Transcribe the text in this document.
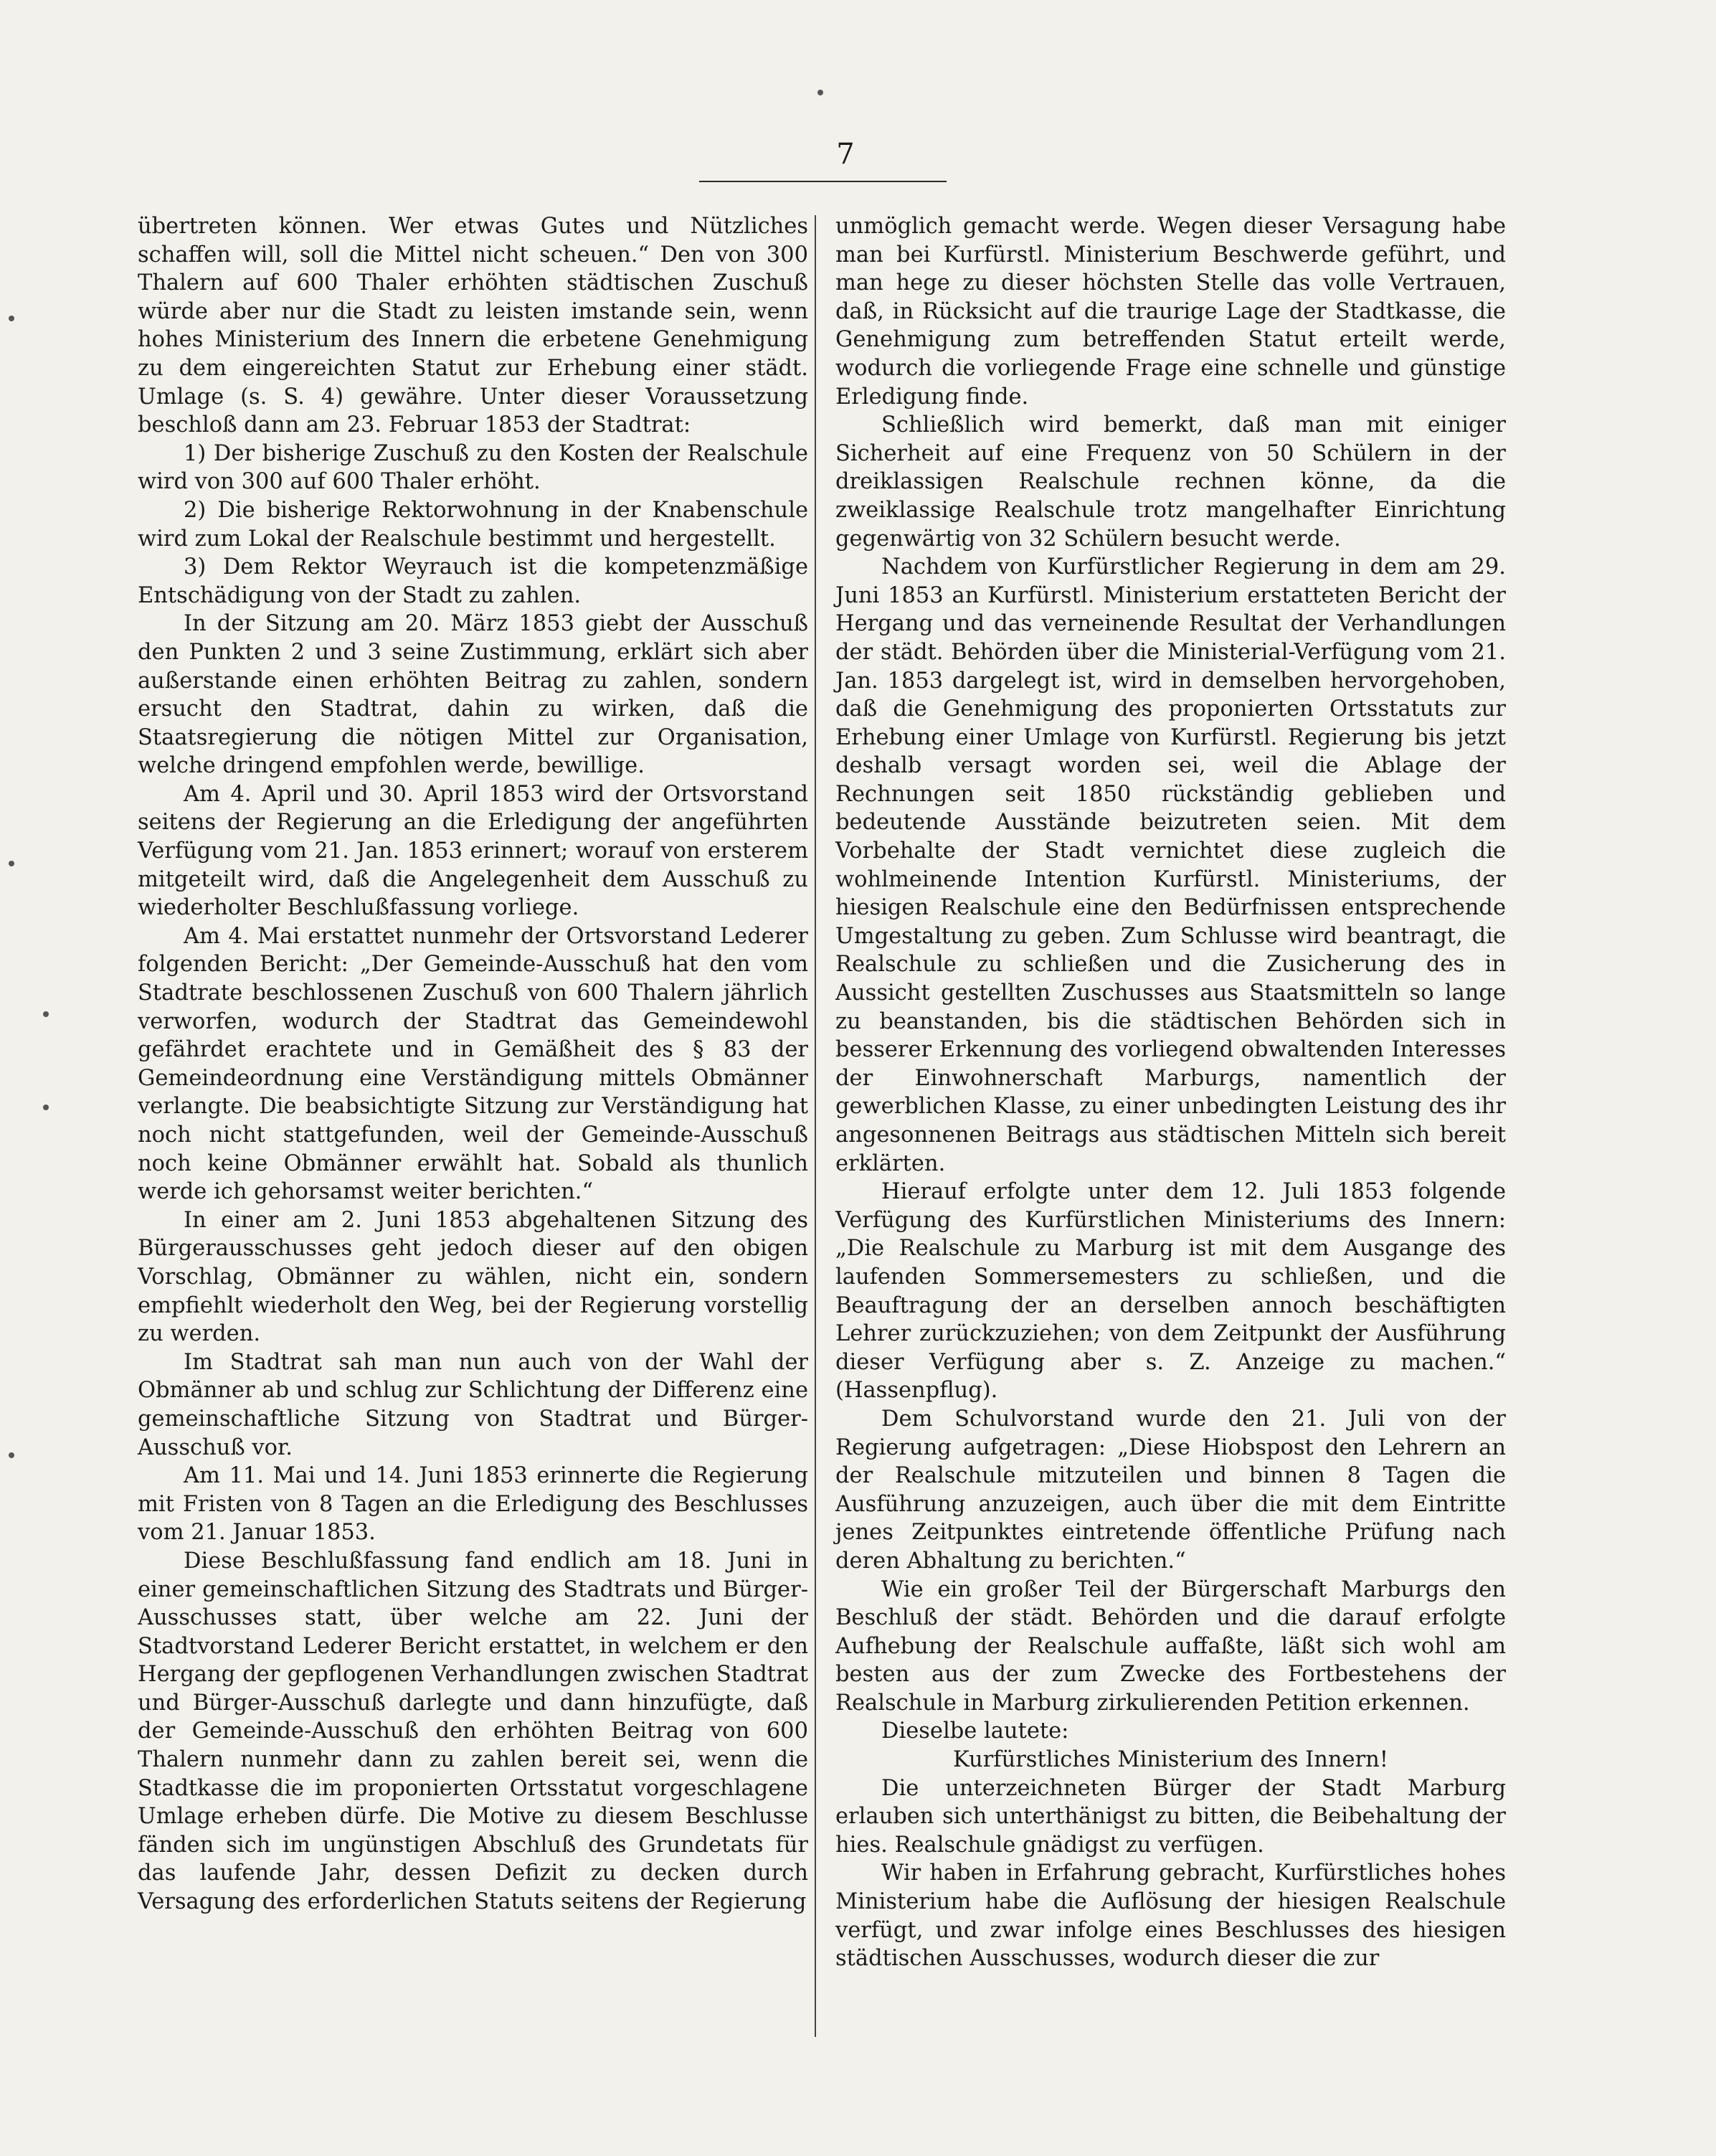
7

übertreten können. Wer etwas Gutes und Nützliches schaffen will, soll die Mittel nicht scheuen.“ Den von 300 Thalern auf 600 Thaler erhöhten städtischen Zuschuß würde aber nur die Stadt zu leisten imstande sein, wenn hohes Ministerium des Innern die erbetene Genehmigung zu dem eingereichten Statut zur Erhebung einer städt. Umlage (s. S. 4) gewähre. Unter dieser Voraussetzung beschloß dann am 23. Februar 1853 der Stadtrat:

1) Der bisherige Zuschuß zu den Kosten der Realschule wird von 300 auf 600 Thaler erhöht.

2) Die bisherige Rektorwohnung in der Knabenschule wird zum Lokal der Realschule bestimmt und hergestellt.

3) Dem Rektor Weyrauch ist die kompetenzmäßige Entschädigung von der Stadt zu zahlen.

In der Sitzung am 20. März 1853 giebt der Ausschuß den Punkten 2 und 3 seine Zustimmung, erklärt sich aber außerstande einen erhöhten Beitrag zu zahlen, sondern ersucht den Stadtrat, dahin zu wirken, daß die Staatsregierung die nötigen Mittel zur Organisation, welche dringend empfohlen werde, bewillige.

Am 4. April und 30. April 1853 wird der Ortsvorstand seitens der Regierung an die Erledigung der angeführten Verfügung vom 21. Jan. 1853 erinnert; worauf von ersterem mitgeteilt wird, daß die Angelegenheit dem Ausschuß zu wiederholter Beschlußfassung vorliege.

Am 4. Mai erstattet nunmehr der Ortsvorstand Lederer folgenden Bericht: „Der Gemeinde-Ausschuß hat den vom Stadtrate beschlossenen Zuschuß von 600 Thalern jährlich verworfen, wodurch der Stadtrat das Gemeindewohl gefährdet erachtete und in Gemäßheit des § 83 der Gemeindeordnung eine Verständigung mittels Obmänner verlangte. Die beabsichtigte Sitzung zur Verständigung hat noch nicht stattgefunden, weil der Gemeinde-Ausschuß noch keine Obmänner erwählt hat. Sobald als thunlich werde ich gehorsamst weiter berichten.“

In einer am 2. Juni 1853 abgehaltenen Sitzung des Bürgerausschusses geht jedoch dieser auf den obigen Vorschlag, Obmänner zu wählen, nicht ein, sondern empfiehlt wiederholt den Weg, bei der Regierung vorstellig zu werden.

Im Stadtrat sah man nun auch von der Wahl der Obmänner ab und schlug zur Schlichtung der Differenz eine gemeinschaftliche Sitzung von Stadtrat und Bürger-Ausschuß vor.

Am 11. Mai und 14. Juni 1853 erinnerte die Regierung mit Fristen von 8 Tagen an die Erledigung des Beschlusses vom 21. Januar 1853.

Diese Beschlußfassung fand endlich am 18. Juni in einer gemeinschaftlichen Sitzung des Stadtrats und Bürger-Ausschusses statt, über welche am 22. Juni der Stadtvorstand Lederer Bericht erstattet, in welchem er den Hergang der gepflogenen Verhandlungen zwischen Stadtrat und Bürger-Ausschuß darlegte und dann hinzufügte, daß der Gemeinde-Ausschuß den erhöhten Beitrag von 600 Thalern nunmehr dann zu zahlen bereit sei, wenn die Stadtkasse die im proponierten Ortsstatut vorgeschlagene Umlage erheben dürfe. Die Motive zu diesem Beschlusse fänden sich im ungünstigen Abschluß des Grundetats für das laufende Jahr, dessen Defizit zu decken durch Versagung des erforderlichen Statuts seitens der Regierung

unmöglich gemacht werde. Wegen dieser Versagung habe man bei Kurfürstl. Ministerium Beschwerde geführt, und man hege zu dieser höchsten Stelle das volle Vertrauen, daß, in Rücksicht auf die traurige Lage der Stadtkasse, die Genehmigung zum betreffenden Statut erteilt werde, wodurch die vorliegende Frage eine schnelle und günstige Erledigung finde.

Schließlich wird bemerkt, daß man mit einiger Sicherheit auf eine Frequenz von 50 Schülern in der dreiklassigen Realschule rechnen könne, da die zweiklassige Realschule trotz mangelhafter Einrichtung gegenwärtig von 32 Schülern besucht werde.

Nachdem von Kurfürstlicher Regierung in dem am 29. Juni 1853 an Kurfürstl. Ministerium erstatteten Bericht der Hergang und das verneinende Resultat der Verhandlungen der städt. Behörden über die Ministerial-Verfügung vom 21. Jan. 1853 dargelegt ist, wird in demselben hervorgehoben, daß die Genehmigung des proponierten Ortsstatuts zur Erhebung einer Umlage von Kurfürstl. Regierung bis jetzt deshalb versagt worden sei, weil die Ablage der Rechnungen seit 1850 rückständig geblieben und bedeutende Ausstände beizutreten seien. Mit dem Vorbehalte der Stadt vernichtet diese zugleich die wohlmeinende Intention Kurfürstl. Ministeriums, der hiesigen Realschule eine den Bedürfnissen entsprechende Umgestaltung zu geben. Zum Schlusse wird beantragt, die Realschule zu schließen und die Zusicherung des in Aussicht gestellten Zuschusses aus Staatsmitteln so lange zu beanstanden, bis die städtischen Behörden sich in besserer Erkennung des vorliegend obwaltenden Interesses der Einwohnerschaft Marburgs, namentlich der gewerblichen Klasse, zu einer unbedingten Leistung des ihr angesonnenen Beitrags aus städtischen Mitteln sich bereit erklärten.

Hierauf erfolgte unter dem 12. Juli 1853 folgende Verfügung des Kurfürstlichen Ministeriums des Innern: „Die Realschule zu Marburg ist mit dem Ausgange des laufenden Sommersemesters zu schließen, und die Beauftragung der an derselben annoch beschäftigten Lehrer zurückzuziehen; von dem Zeitpunkt der Ausführung dieser Verfügung aber s. Z. Anzeige zu machen.“ (Hassenpflug).

Dem Schulvorstand wurde den 21. Juli von der Regierung aufgetragen: „Diese Hiobspost den Lehrern an der Realschule mitzuteilen und binnen 8 Tagen die Ausführung anzuzeigen, auch über die mit dem Eintritte jenes Zeitpunktes eintretende öffentliche Prüfung nach deren Abhaltung zu berichten.“

Wie ein großer Teil der Bürgerschaft Marburgs den Beschluß der städt. Behörden und die darauf erfolgte Aufhebung der Realschule auffaßte, läßt sich wohl am besten aus der zum Zwecke des Fortbestehens der Realschule in Marburg zirkulierenden Petition erkennen.

Dieselbe lautete:

Kurfürstliches Ministerium des Innern!

Die unterzeichneten Bürger der Stadt Marburg erlauben sich unterthänigst zu bitten, die Beibehaltung der hies. Realschule gnädigst zu verfügen.

Wir haben in Erfahrung gebracht, Kurfürstliches hohes Ministerium habe die Auflösung der hiesigen Realschule verfügt, und zwar infolge eines Beschlusses des hiesigen städtischen Ausschusses, wodurch dieser die zur
